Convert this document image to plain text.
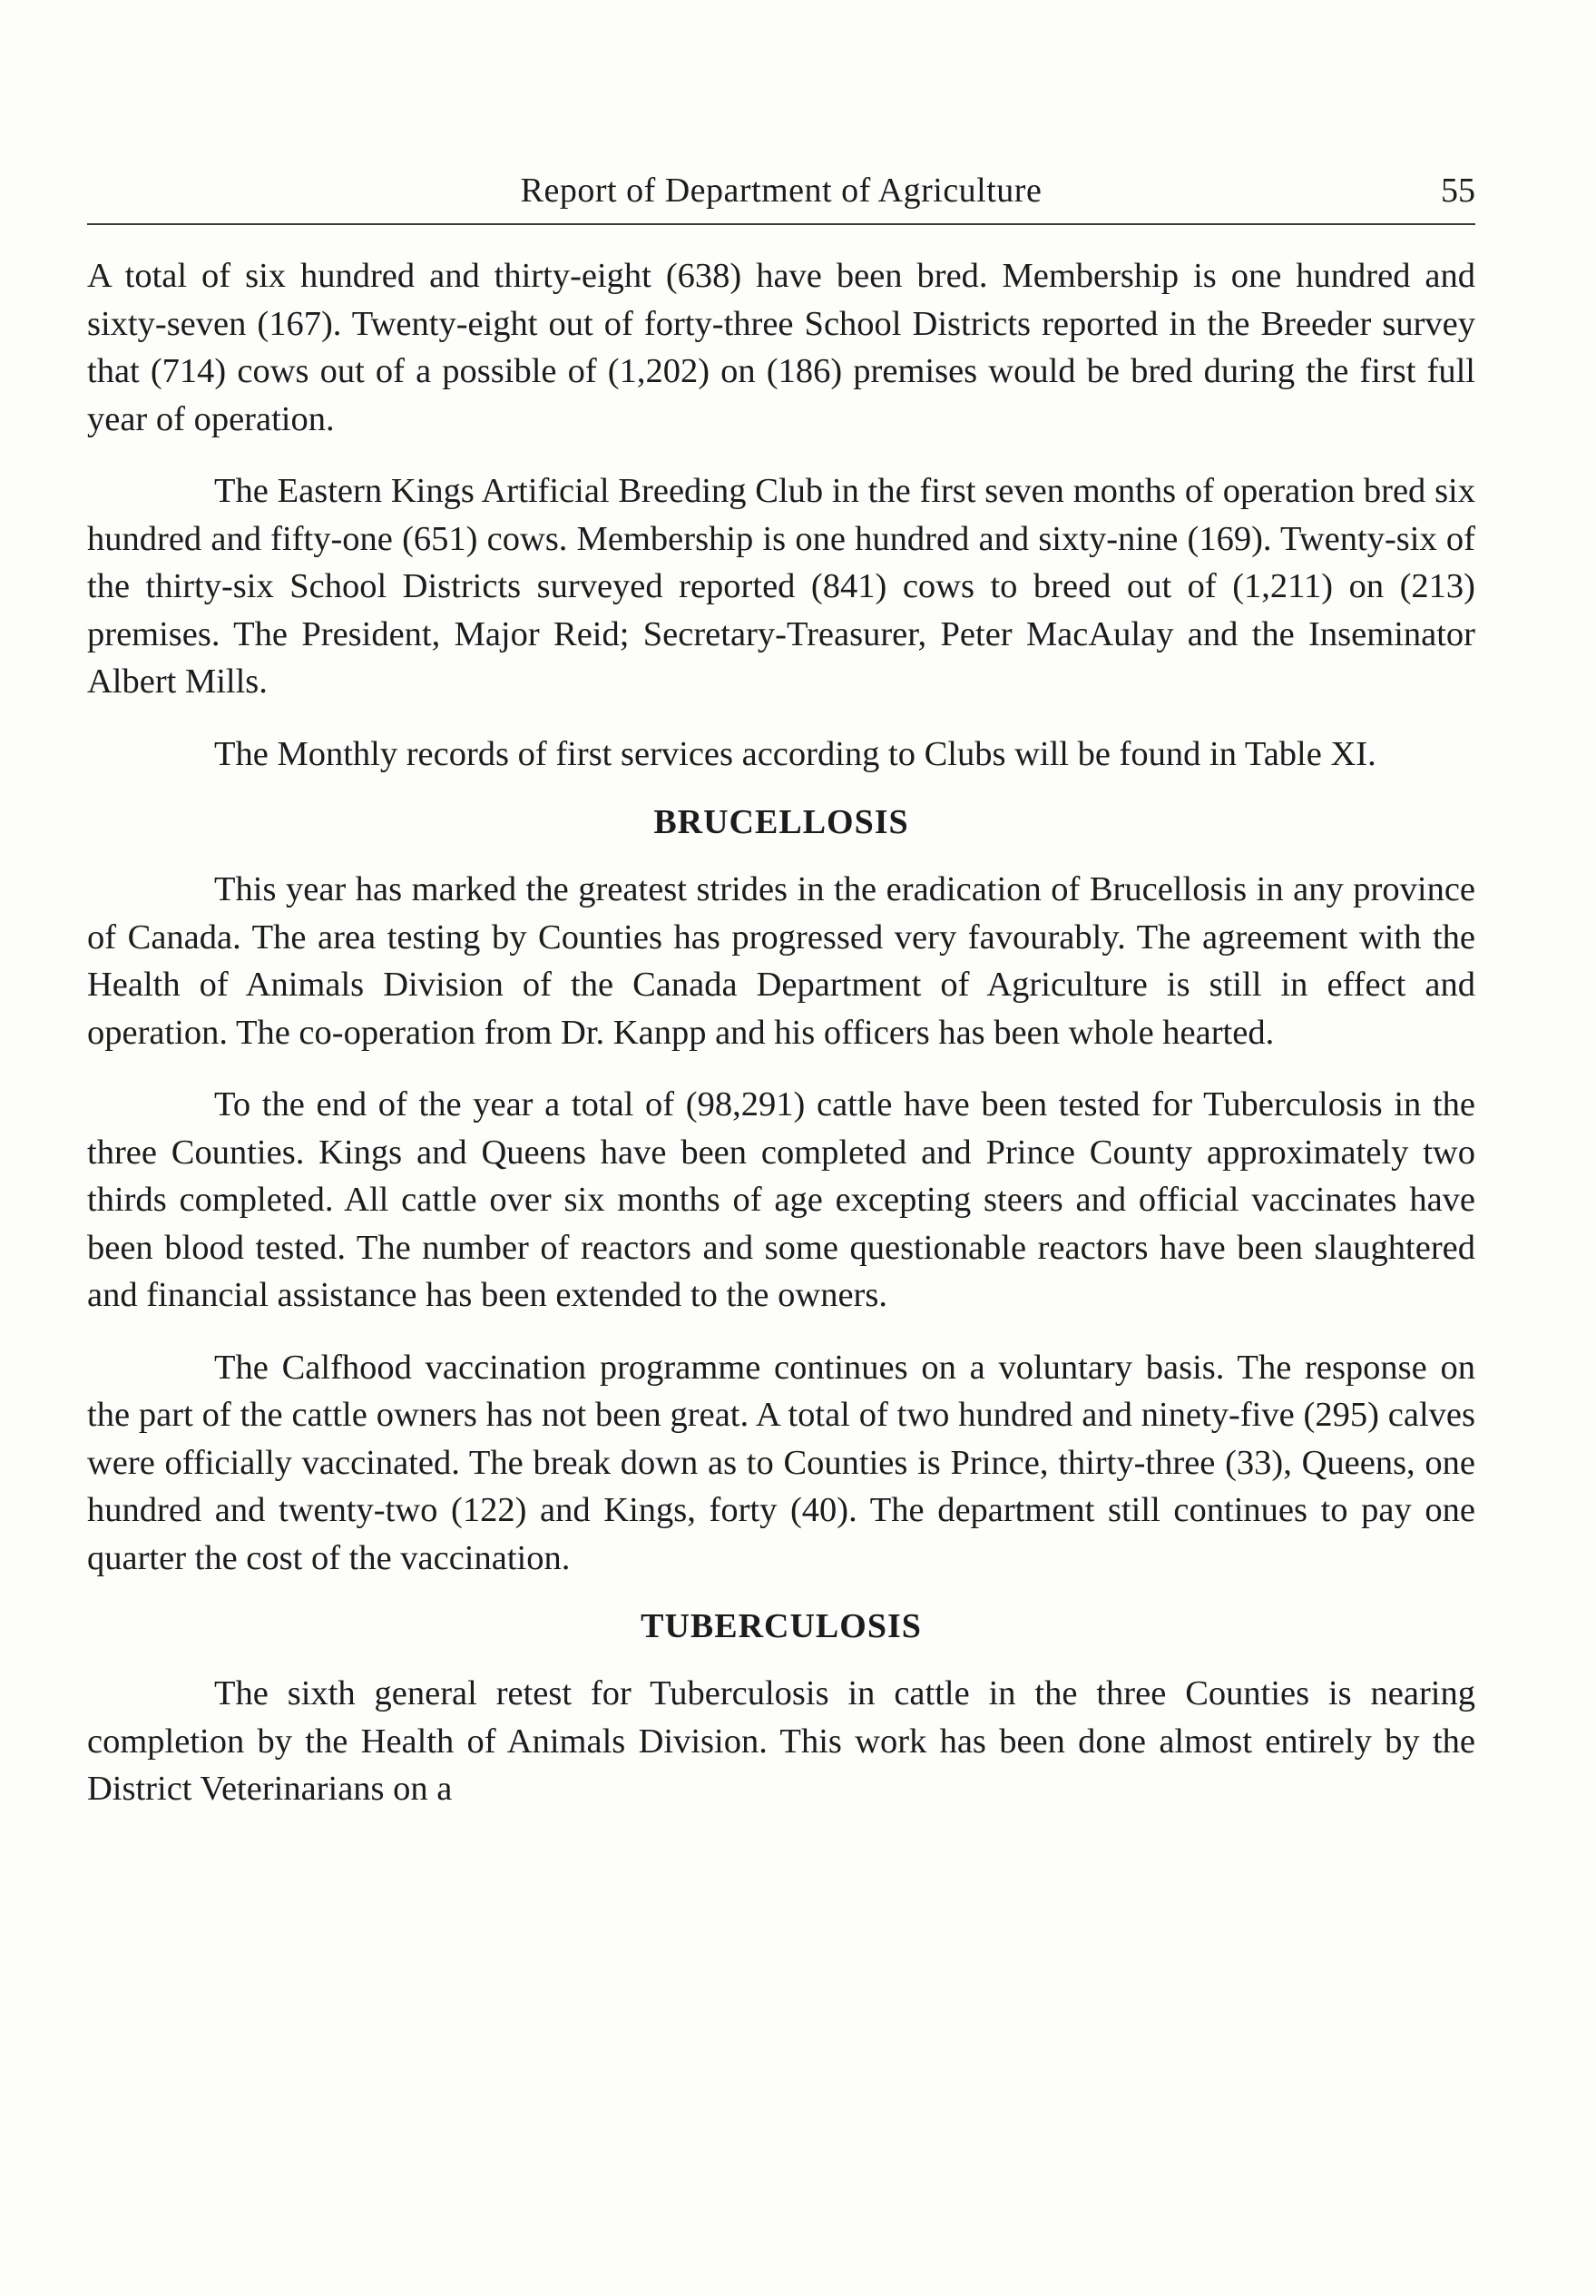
Report of Department of Agriculture	55

A total of six hundred and thirty-eight (638) have been bred. Membership is one hundred and sixty-seven (167). Twenty-eight out of forty-three School Districts reported in the Breeder survey that (714) cows out of a possible of (1,202) on (186) premises would be bred during the first full year of operation.

The Eastern Kings Artificial Breeding Club in the first seven months of operation bred six hundred and fifty-one (651) cows. Membership is one hundred and sixty-nine (169). Twenty-six of the thirty-six School Districts surveyed reported (841) cows to breed out of (1,211) on (213) premises. The President, Major Reid; Secretary-Treasurer, Peter MacAulay and the Inseminator Albert Mills.

The Monthly records of first services according to Clubs will be found in Table XI.

BRUCELLOSIS

This year has marked the greatest strides in the eradication of Brucellosis in any province of Canada. The area testing by Counties has progressed very favourably. The agreement with the Health of Animals Division of the Canada Department of Agriculture is still in effect and operation. The co-operation from Dr. Kanpp and his officers has been whole hearted.

To the end of the year a total of (98,291) cattle have been tested for Tuberculosis in the three Counties. Kings and Queens have been completed and Prince County approximately two thirds completed. All cattle over six months of age excepting steers and official vaccinates have been blood tested. The number of reactors and some questionable reactors have been slaughtered and financial assistance has been extended to the owners.

The Calfhood vaccination programme continues on a voluntary basis. The response on the part of the cattle owners has not been great. A total of two hundred and ninety-five (295) calves were officially vaccinated. The break down as to Counties is Prince, thirty-three (33), Queens, one hundred and twenty-two (122) and Kings, forty (40). The department still continues to pay one quarter the cost of the vaccination.

TUBERCULOSIS

The sixth general retest for Tuberculosis in cattle in the three Counties is nearing completion by the Health of Animals Division. This work has been done almost entirely by the District Veterinarians on a
